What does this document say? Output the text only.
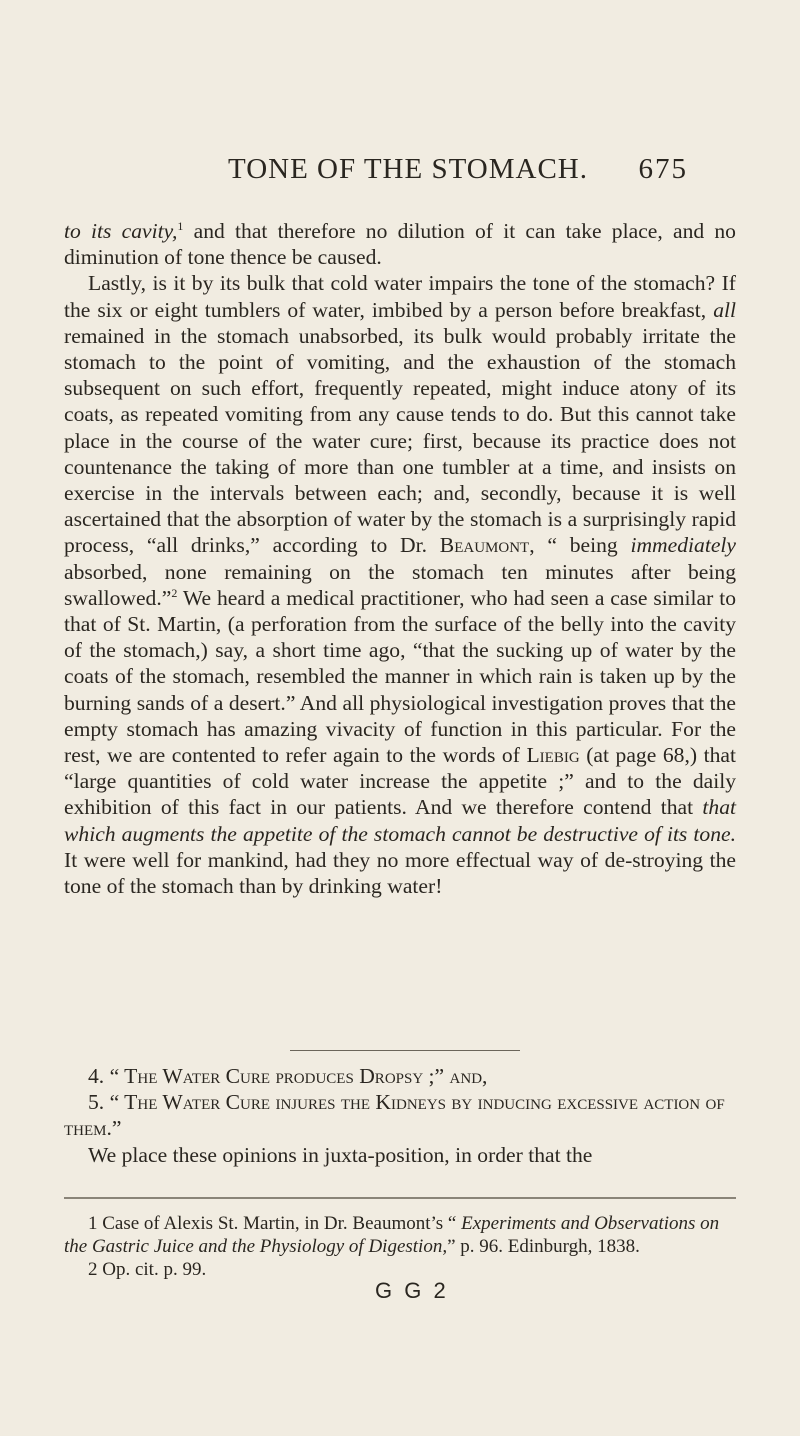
TONE OF THE STOMACH. 675

to its cavity,$^1$ and that therefore no dilution of it can take place, and no diminution of tone thence be caused.

Lastly, is it by its bulk that cold water impairs the tone of the stomach? If the six or eight tumblers of water, imbibed by a person before breakfast, all remained in the stomach unabsorbed, its bulk would probably irritate the stomach to the point of vomiting, and the exhaustion of the stomach subsequent on such effort, frequently repeated, might induce atony of its coats, as repeated vomiting from any cause tends to do. But this cannot take place in the course of the water cure; first, because its practice does not countenance the taking of more than one tumbler at a time, and insists on exercise in the intervals between each; and, secondly, because it is well ascertained that the absorption of water by the stomach is a surprisingly rapid process, “all drinks,” according to Dr. Beaumont, “ being immediately absorbed, none remaining on the stomach ten minutes after being swallowed.”$^2$ We heard a medical practitioner, who had seen a case similar to that of St. Martin, (a perforation from the surface of the belly into the cavity of the stomach,) say, a short time ago, “that the sucking up of water by the coats of the stomach, resembled the manner in which rain is taken up by the burning sands of a desert.” And all physiological investigation proves that the empty stomach has amazing vivacity of function in this particular. For the rest, we are contented to refer again to the words of Liebig (at page 68,) that “large quantities of cold water increase the appetite ;” and to the daily exhibition of this fact in our patients. And we therefore contend that that which augments the appetite of the stomach cannot be destructive of its tone. It were well for mankind, had they no more effectual way of de-stroying the tone of the stomach than by drinking water!

4. “ The Water Cure produces Dropsy ;” and,

5. “ The Water Cure injures the Kidneys by inducing excessive action of them.”

We place these opinions in juxta-position, in order that the

1 Case of Alexis St. Martin, in Dr. Beaumont’s “ Experiments and Observations on the Gastric Juice and the Physiology of Digestion,” p. 96. Edinburgh, 1838.

2 Op. cit. p. 99.

G G 2
